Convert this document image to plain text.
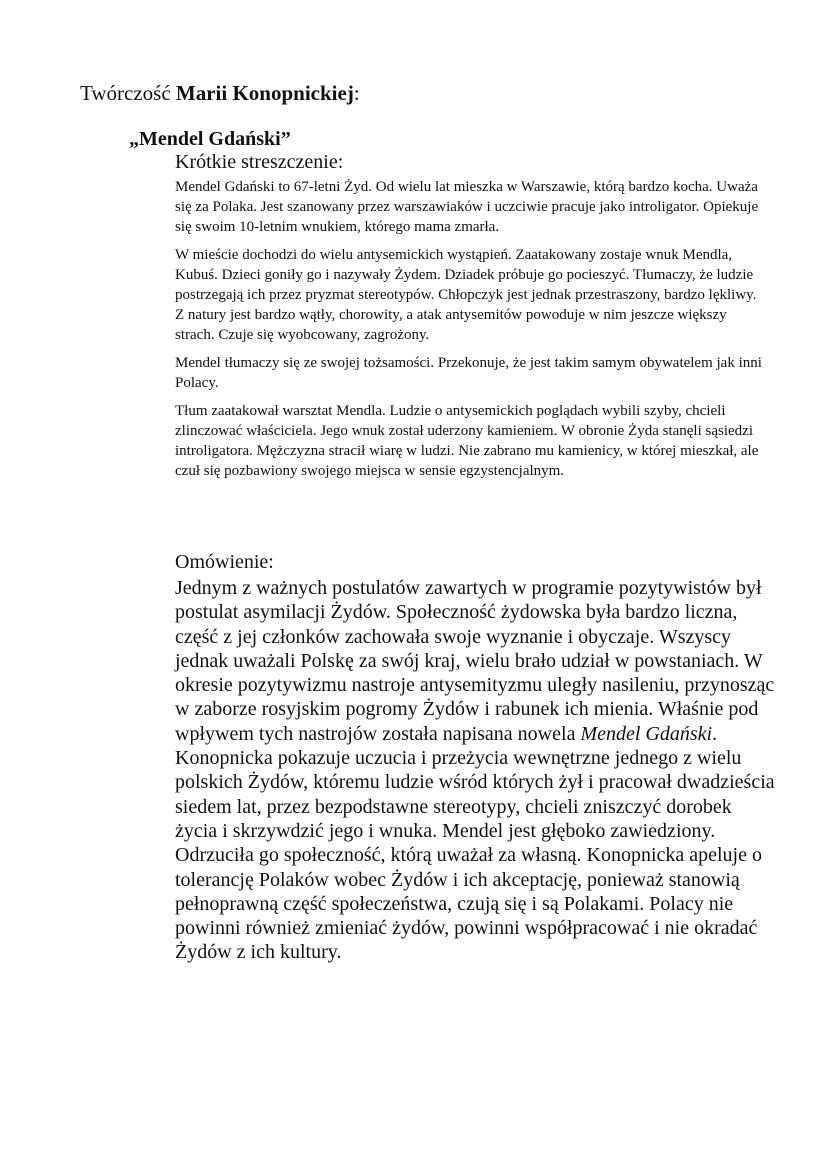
Twórczość Marii Konopnickiej:
„Mendel Gdański”
Krótkie streszczenie:

Mendel Gdański to 67-letni Żyd. Od wielu lat mieszka w Warszawie, którą bardzo kocha. Uważa się za Polaka. Jest szanowany przez warszawiaków i uczciwie pracuje jako introligator. Opiekuje się swoim 10-letnim wnukiem, którego mama zmarła.

W mieście dochodzi do wielu antysemickich wystąpień. Zaatakowany zostaje wnuk Mendla, Kubuś. Dzieci goniły go i nazywały Żydem. Dziadek próbuje go pocieszyć. Tłumaczy, że ludzie postrzegają ich przez pryzmat stereotypów. Chłopczyk jest jednak przestraszony, bardzo lękliwy. Z natury jest bardzo wątły, chorowity, a atak antysemitów powoduje w nim jeszcze większy strach. Czuje się wyobcowany, zagrożony.

Mendel tłumaczy się ze swojej tożsamości. Przekonuje, że jest takim samym obywatelem jak inni Polacy.

Tłum zaatakował warsztat Mendla. Ludzie o antysemickich poglądach wybili szyby, chcieli zlinczować właściciela. Jego wnuk został uderzony kamieniem. W obronie Żyda stanęli sąsiedzi introligatora. Mężczyzna stracił wiarę w ludzi. Nie zabrano mu kamienicy, w której mieszkał, ale czuł się pozbawiony swojego miejsca w sensie egzystencjalnym.

Omówienie:

Jednym z ważnych postulatów zawartych w programie pozytywistów był postulat asymilacji Żydów. Społeczność żydowska była bardzo liczna, część z jej członków zachowała swoje wyznanie i obyczaje. Wszyscy jednak uważali Polskę za swój kraj, wielu brało udział w powstaniach. W okresie pozytywizmu nastroje antysemityzmu uległy nasileniu, przynosząc w zaborze rosyjskim pogromy Żydów i rabunek ich mienia. Właśnie pod wpływem tych nastrojów została napisana nowela Mendel Gdański. Konopnicka pokazuje uczucia i przeżycia wewnętrzne jednego z wielu polskich Żydów, któremu ludzie wśród których żył i pracował dwadzieścia siedem lat, przez bezpodstawne stereotypy, chcieli zniszczyć dorobek życia i skrzywdzić jego i wnuka. Mendel jest głęboko zawiedziony. Odrzuciła go społeczność, którą uważał za własną. Konopnicka apeluje o tolerancję Polaków wobec Żydów i ich akceptację, ponieważ stanowią pełnoprawną część społeczeństwa, czują się i są Polakami. Polacy nie powinni również zmieniać żydów, powinni współpracować i nie okradać Żydów z ich kultury.
